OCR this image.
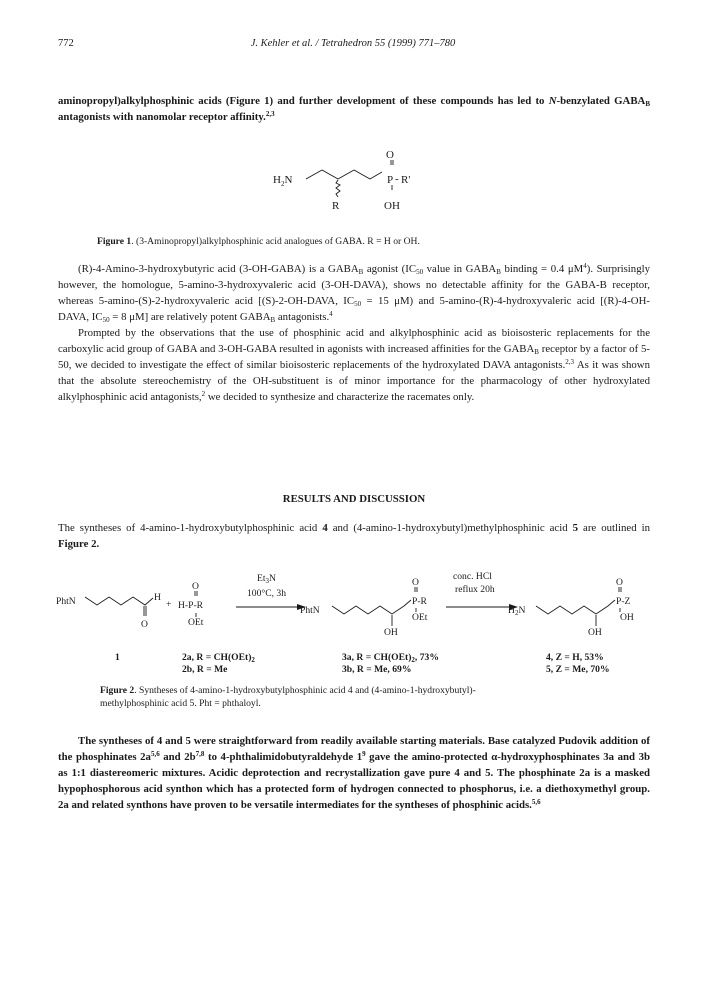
772	J. Kehler et al. / Tetrahedron 55 (1999) 771–780

aminopropyl)alkylphosphinic acids (Figure 1) and further development of these compounds has led to N-benzylated $GABA_B$ antagonists with nanomolar receptor affinity.$^{2,3}$

O
$H_2N$	P - R'
R	OH
Figure 1. (3-Aminopropyl)alkylphosphinic acid analogues of GABA. R = H or OH.

(R)-4-Amino-3-hydroxybutyric acid (3-OH-GABA) is a $GABA_B$ agonist ($IC_{50}$ value in $GABA_B$ binding = 0.4 $\mu M^4$). Surprisingly however, the homologue, 5-amino-3-hydroxyvaleric acid (3-OH-DAVA), shows no detectable affinity for the GABA-B receptor, whereas 5-amino-(S)-2-hydroxyvaleric acid [(S)-2-OH-DAVA, $IC_{50} = 15$ μM) and 5-amino-(R)-4-hydroxyvaleric acid [(R)-4-OH-DAVA, $IC_{50} = 8$ μM] are relatively potent $GABA_B$ antagonists.$^4$

Prompted by the observations that the use of phosphinic acid and alkylphosphinic acid as bioisosteric replacements for the carboxylic acid group of GABA and 3-OH-GABA resulted in agonists with increased affinities for the $GABA_B$ receptor by a factor of 5-50, we decided to investigate the effect of similar bioisosteric replacements of the hydroxylated DAVA antagonists.$^{2,3}$ As it was shown that the absolute stereochemistry of the OH-substituent is of minor importance for the pharmacology of other hydroxylated alkylphosphinic acid antagonists,$^2$ we decided to synthesize and characterize the racemates only.

RESULTS AND DISCUSSION

The syntheses of 4-amino-1-hydroxybutylphosphinic acid 4 and (4-amino-1-hydroxybutyl)methylphosphinic acid 5 are outlined in Figure 2.

PhtN	H
O
+
O
H-P-R
OEt
$Et_3N$
100°C, 3h
PhtN
O
P-R
OEt
OH
conc. HCl
reflux 20h
$H_2N$
O
P-Z
OH
OH
1	2a, $R = CH(OEt)_2$
2b, R = Me
3a, $R = CH(OEt)_2$, 73%
3b, R = Me, 69%
4, Z = H, 53%
5, Z = Me, 70%
Figure 2. Syntheses of 4-amino-1-hydroxybutylphosphinic acid 4 and (4-amino-1-hydroxybutyl)-methylphosphinic acid 5. Pht = phthaloyl.

The syntheses of 4 and 5 were straightforward from readily available starting materials. Base catalyzed Pudovik addition of the phosphinates $2a^{5,6}$ and $2b^{7,8}$ to 4-phthalimidobutyraldehyde $1^9$ gave the amino-protected α-hydroxyphosphinates 3a and 3b as 1:1 diastereomeric mixtures. Acidic deprotection and recrystallization gave pure 4 and 5. The phosphinate 2a is a masked hypophosphorous acid synthon which has a protected form of hydrogen connected to phosphorus, i.e. a diethoxymethyl group. 2a and related synthons have proven to be versatile intermediates for the syntheses of phosphinic acids.$^{5,6}$
